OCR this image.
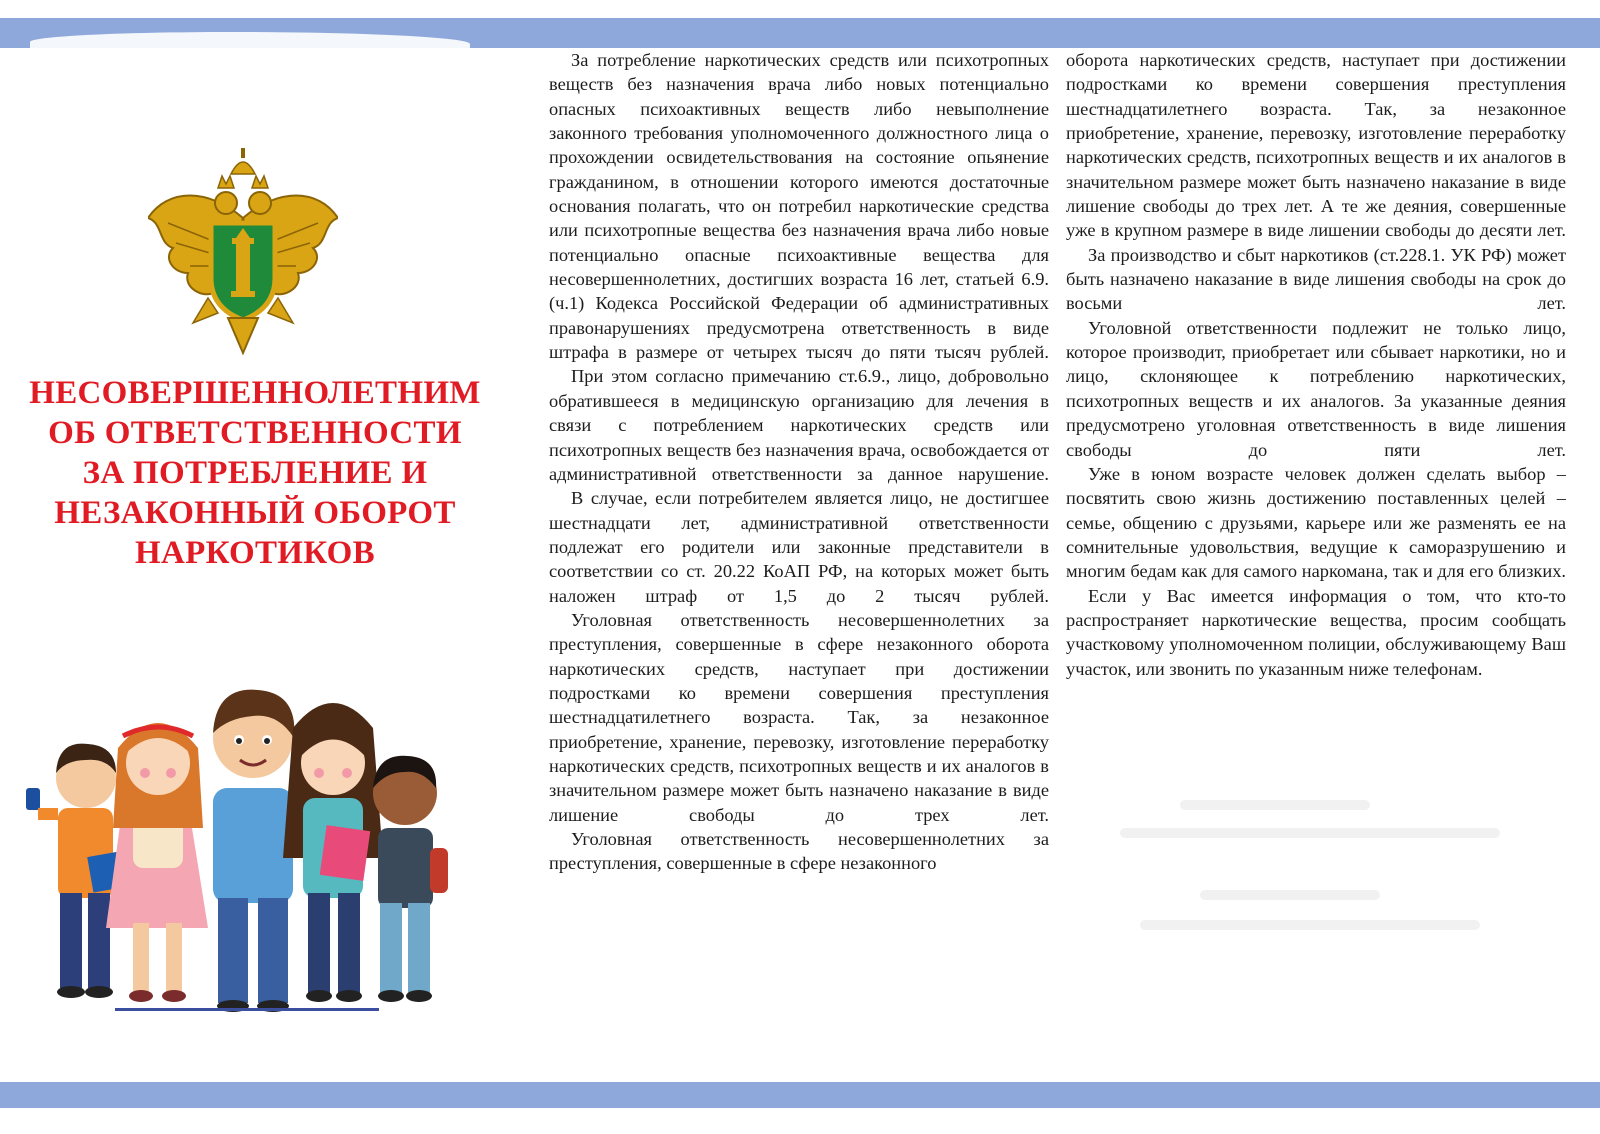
НЕСОВЕРШЕННОЛЕТНИМ
ОБ ОТВЕТСТВЕННОСТИ
ЗА ПОТРЕБЛЕНИЕ И
НЕЗАКОННЫЙ ОБОРОТ
НАРКОТИКОВ

За потребление наркотических средств или психотропных веществ без назначения врача либо новых потенциально опасных психоактивных веществ либо невыполнение законного требования уполномоченного должностного лица о прохождении освидетельствования на состояние опьянение гражданином, в отношении которого имеются достаточные основания полагать, что он потребил наркотические средства или психотропные вещества без назначения врача либо новые потенциально опасные психоактивные вещества для несовершеннолетних, достигших возраста 16 лет, статьей 6.9. (ч.1) Кодекса Российской Федерации об административных правонарушениях предусмотрена ответственность в виде штрафа в размере от четырех тысяч до пяти тысяч рублей.

При этом согласно примечанию ст.6.9., лицо, добровольно обратившееся в медицинскую организацию для лечения в связи с потреблением наркотических средств или психотропных веществ без назначения врача, освобождается от административной ответственности за данное нарушение.

В случае, если потребителем является лицо, не достигшее шестнадцати лет, административной ответственности подлежат его родители или законные представители в соответствии со ст. 20.22 КоАП РФ, на которых может быть наложен штраф от 1,5 до 2 тысяч рублей.

Уголовная ответственность несовершеннолетних за преступления, совершенные в сфере незаконного оборота наркотических средств, наступает при достижении подростками ко времени совершения преступления шестнадцатилетнего возраста. Так, за незаконное приобретение, хранение, перевозку, изготовление переработку наркотических средств, психотропных веществ и их аналогов в значительном размере может быть назначено наказание в виде лишение свободы до трех лет.

Уголовная ответственность несовершеннолетних за преступления, совершенные в сфере незаконного

оборота наркотических средств, наступает при достижении подростками ко времени совершения преступления шестнадцатилетнего возраста. Так, за незаконное приобретение, хранение, перевозку, изготовление переработку наркотических средств, психотропных веществ и их аналогов в значительном размере может быть назначено наказание в виде лишение свободы до трех лет. А те же деяния, совершенные уже в крупном размере в виде лишении свободы до десяти лет.

За производство и сбыт наркотиков (ст.228.1. УК РФ) может быть назначено наказание в виде лишения свободы на срок до восьми лет.

Уголовной ответственности подлежит не только лицо, которое производит, приобретает или сбывает наркотики, но и лицо, склоняющее к потреблению наркотических, психотропных веществ и их аналогов. За указанные деяния предусмотрено уголовная ответственность в виде лишения свободы до пяти лет.

Уже в юном возрасте человек должен сделать выбор – посвятить свою жизнь достижению поставленных целей – семье, общению с друзьями, карьере или же разменять ее на сомнительные удовольствия, ведущие к саморазрушению и многим бедам как для самого наркомана, так и для его близких.

Если у Вас имеется информация о том, что кто-то распространяет наркотические вещества, просим сообщать участковому уполномоченном полиции, обслуживающему Ваш участок, или звонить по указанным ниже телефонам.
